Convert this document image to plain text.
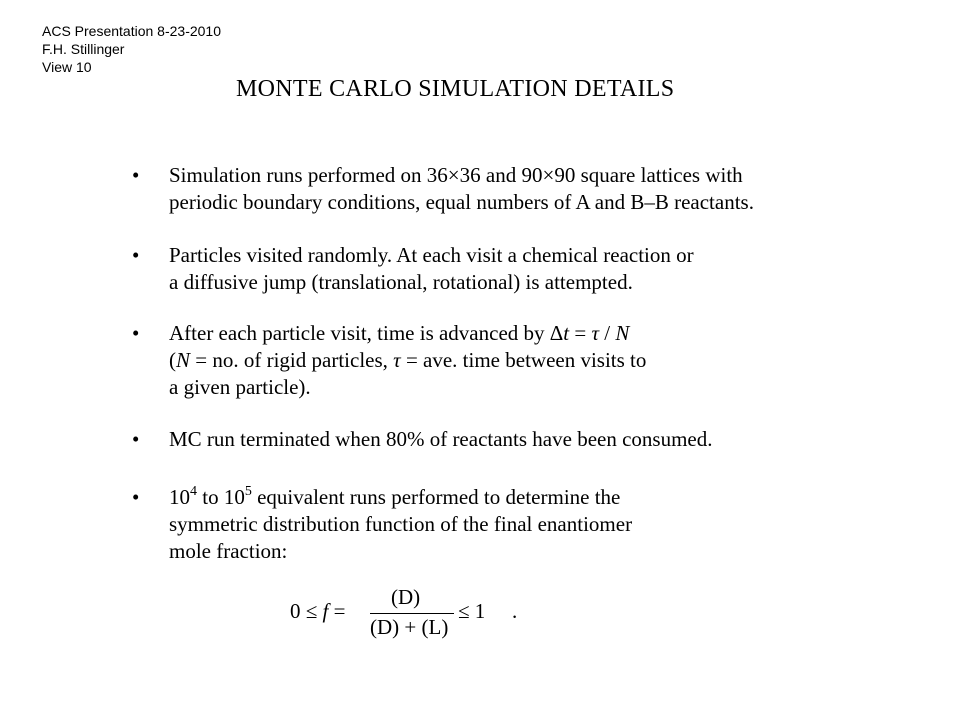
ACS Presentation 8-23-2010
F.H. Stillinger
View 10
MONTE CARLO SIMULATION DETAILS
• Simulation runs performed on 36×36 and 90×90 square lattices with
periodic boundary conditions, equal numbers of A and B–B reactants.
• Particles visited randomly. At each visit a chemical reaction or
a diffusive jump (translational, rotational) is attempted.
• After each particle visit, time is advanced by Δt = τ / N
(N = no. of rigid particles, τ = ave. time between visits to
a given particle).
• MC run terminated when 80% of reactants have been consumed.
• $10^4$ to $10^5$ equivalent runs performed to determine the
symmetric distribution function of the final enantiomer
mole fraction:
0 ≤ f =
(D)
(D) + (L)
≤ 1 .
